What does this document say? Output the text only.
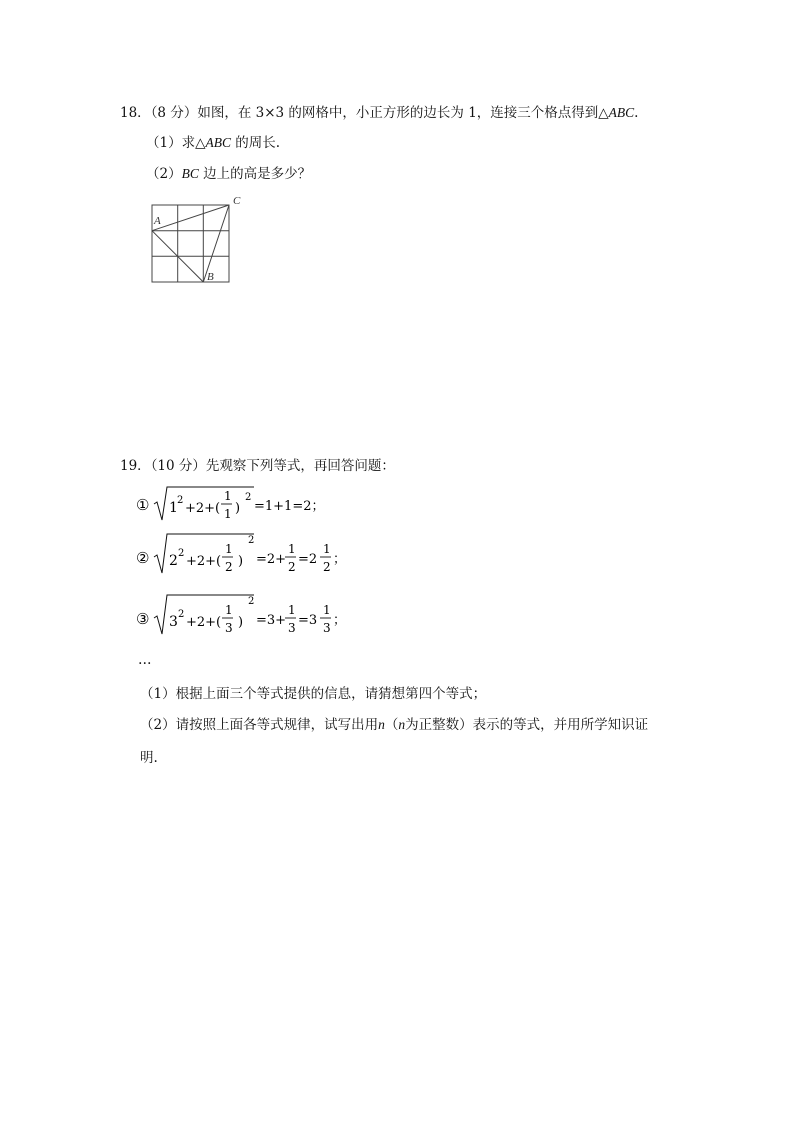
18．（8 分）如图，在 3×3 的网格中，小正方形的边长为 1，连接三个格点得到△ABC.
（1）求△ABC 的周长.
（2）BC 边上的高是多少？
A
B
C
19．（10 分）先观察下列等式，再回答问题：
① 1 2
+2+(
1
1 )
2
=1+1=2；
② 2 2
+2+(
1
2 )
2
=2+
1
2 =2
1
2 ；
③ 3 2
+2+(
1
3 )
2
=3+
1
3 =3
1
3 ；
…
（1）根据上面三个等式提供的信息，请猜想第四个等式；
（2）请按照上面各等式规律，试写出用n（n为正整数）表示的等式，并用所学知识证
明.
